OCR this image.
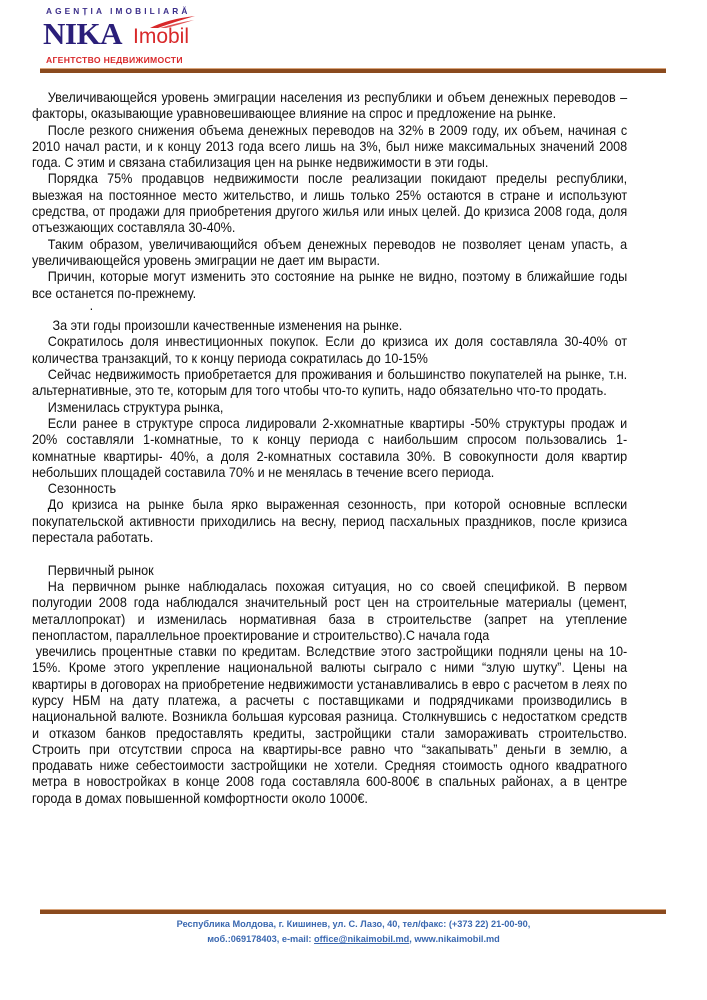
AGENȚIA IMOBILIARĂ
NIKA Imobil
АГЕНТСТВО НЕДВИЖИМОСТИ

Увеличивающейся уровень эмиграции населения из республики и объем денежных переводов – факторы, оказывающие уравновешивающее влияние на спрос и предложение на рынке.

После резкого снижения объема денежных переводов на 32% в 2009 году, их объем, начиная с 2010 начал расти, и к концу 2013 года всего лишь на 3%, был ниже максимальных значений 2008 года. С этим и связана стабилизация цен на рынке недвижимости в эти годы.

Порядка 75% продавцов недвижимости после реализации покидают пределы республики, выезжая на постоянное место жительство, и лишь только 25% остаются в стране и используют средства, от продажи для приобретения другого жилья или иных целей. До кризиса 2008 года, доля отъезжающих составляла 30-40%.

Таким образом, увеличивающийся объем денежных переводов не позволяет ценам упасть, а увеличивающейся уровень эмиграции не дает им вырасти.

Причин, которые могут изменить это состояние на рынке не видно, поэтому в ближайшие годы все останется по-прежнему.

.

За эти годы произошли качественные изменения на рынке.

Сократилось доля инвестиционных покупок. Если до кризиса их доля составляла 30-40% от количества транзакций, то к концу периода сократилась до 10-15%

Сейчас недвижимость приобретается для проживания и большинство покупателей на рынке, т.н. альтернативные, это те, которым для того чтобы что-то купить, надо обязательно что-то продать.

Изменилась структура рынка,

Если ранее в структуре спроса лидировали 2-хкомнатные квартиры -50% структуры продаж и 20% составляли 1-комнатные, то к концу периода с наибольшим спросом пользовались 1-комнатные квартиры- 40%, а доля 2-комнатных составила 30%. В совокупности доля квартир небольших площадей составила 70% и не менялась в течение всего периода.

Сезонность

До кризиса на рынке была ярко выраженная сезонность, при которой основные всплески покупательской активности приходились на весну, период пасхальных праздников, после кризиса перестала работать.

Первичный рынок

На первичном рынке наблюдалась похожая ситуация, но со своей спецификой. В первом полугодии 2008 года наблюдался значительный рост цен на строительные материалы (цемент, металлопрокат) и изменилась нормативная база в строительстве (запрет на утепление пенопластом, параллельное проектирование и строительство).С начала года

увечились процентные ставки по кредитам. Вследствие этого застройщики подняли цены на 10-15%. Кроме этого укрепление национальной валюты сыграло с ними “злую шутку”. Цены на квартиры в договорах на приобретение недвижимости устанавливались в евро с расчетом в леях по курсу НБМ на дату платежа, а расчеты с поставщиками и подрядчиками производились в национальной валюте. Возникла большая курсовая разница. Столкнувшись с недостатком средств и отказом банков предоставлять кредиты, застройщики стали замораживать строительство. Строить при отсутствии спроса на квартиры-все равно что “закапывать” деньги в землю, а продавать ниже себестоимости застройщики не хотели. Средняя стоимость одного квадратного метра в новостройках в конце 2008 года составляла 600-800€ в спальных районах, а в центре города в домах повышенной комфортности около 1000€.

Республика Молдова, г. Кишинев, ул. С. Лазо, 40, тел/факс: (+373 22) 21-00-90,
моб.:069178403, e-mail: office@nikaimobil.md, www.nikaimobil.md
